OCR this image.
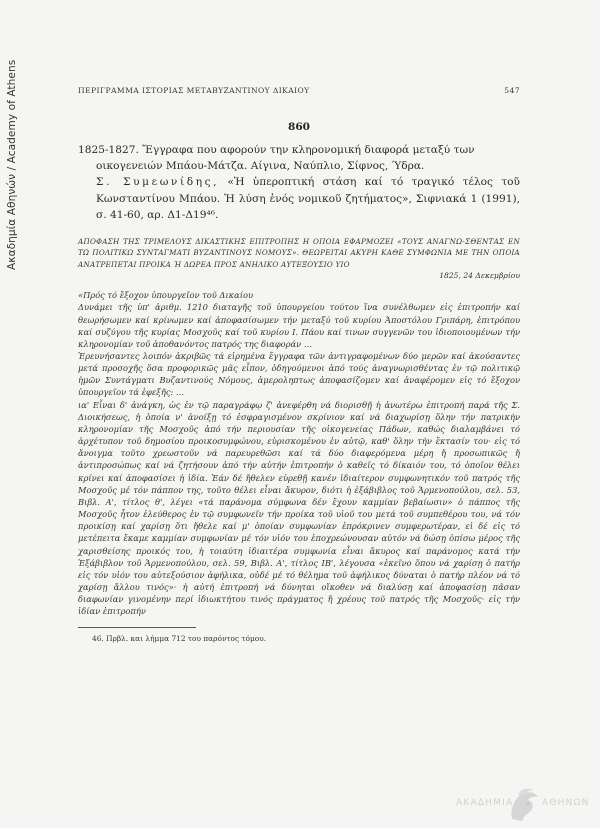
Ακαδημία Αθηνών / Academy of Athens	ΠΕΡΙΓΡΑΜΜΑ ΙΣΤΟΡΙΑΣ ΜΕΤΑΒΥΖΑΝΤΙΝΟΥ ΔΙΚΑΙΟΥ	547
860
1825-1827. Ἔγγραφα που αφορούν την κληρονομική διαφορά μεταξύ των
οικογενειών Μπάου-Μάτζα. Αίγινα, Ναύπλιο, Σίφνος, Ύδρα.
Σ. Συμεωνίδης, «Ἡ ὑπεροπτική στάση καί τό τραγικό τέλος τοῦ Κωνσταντίνου Μπάου. Ἡ λύση ἑνός νομικοῦ ζητήματος», Σιφνιακά 1 (1991), σ. 41-60, αρ. Δ1-Δ19⁴⁶.
ΑΠΟΦΑΣΗ ΤΗΣ ΤΡΙΜΕΛΟΥΣ ΔΙΚΑΣΤΙΚΗΣ ΕΠΙΤΡΟΠΗΣ Η ΟΠΟΙΑ ΕΦΑΡΜΟΖΕΙ «ΤΟΥΣ ΑΝΑΓΝΩ-ΣΘΕΝΤΑΣ ΕΝ ΤΩ ΠΟΛΙΤΙΚΩ ΣΥΝΤΑΓΜΑΤΙ ΒΥΖΑΝΤΙΝΟΥΣ ΝΟΜΟΥΣ». ΘΕΩΡΕΙΤΑΙ ΑΚΥΡΗ ΚΑΘΕ ΣΥΜΦΩΝΙΑ ΜΕ ΤΗΝ ΟΠΟΙΑ ΑΝΑΤΡΕΠΕΤΑΙ ΠΡΟΙΚΑ Ή ΔΩΡΕΑ ΠΡΟΣ ΑΝΗΛΙΚΟ ΑΥΤΕΞΟΥΣΙΟ ΥΙΟ
1825, 24 Δεκεμβρίου

«Πρός τό ἔξοχον ὑπουργεῖον τοῦ Δικαίου

Δυνάμει τῆς ὑπ' ἀριθμ. 1210 διαταγῆς τοῦ ὑπουργείου τούτου ἵνα συνέλθωμεν εἰς ἐπιτροπήν καί θεωρήσωμεν καί κρίνωμεν καί ἀποφασίσωμεν τήν μεταξύ τοῦ κυρίου Ἀποστόλου Γριπάρη, ἐπιτρόπου καί συζύγου τῆς κυρίας Μοσχοῦς καί τοῦ κυρίου Ι. Πάου καί τινων συγγενῶν του ἰδιοποιουμένων τήν κληρονομίαν τοῦ ἀποθανόντος πατρός της διαφοράν …

Ἐρευνήσαντες λοιπόν ἀκριβῶς τά εἰρημένα ἔγγραφα τῶν ἀντιγραφομένων δύο μερῶν καί ἀκούσαντες μετά προσοχῆς ὅσα προφορικῶς μᾶς εἶπον, ὁδηγούμενοι ἀπό τούς ἀναγνωρισθέντας ἐν τῷ πολιτικῷ ἡμῶν Συντάγματι Βυζαντινούς Νόμους, ἀμεροληπτως ἀποφασίζομεν καί ἀναφέρομεν εἰς τό ἔξοχον ὑπουργεῖον τά ἑφεξῆς: …

ια' Εἶναι δ' ἀνάγκη, ὡς ἐν τῷ παραγράφῳ ζ' ἀνεφέρθη νά διορισθῇ ἡ ἀνωτέρω ἐπιτροπή παρά τῆς Σ. Διοικήσεως, ἡ ὁποία ν' ἀνοίξῃ τό ἐσφραγισμένον σκρίνιον καί νά διαχωρίσῃ ὅλην τήν πατρικήν κληρονομίαν τῆς Μοσχοῦς ἀπό τήν περιουσίαν τῆς οἰκογενείας Πάδων, καθώς διαλαμβάνει τό ἀρχέτυπον τοῦ δημοσίου προικοσυμφώνου, εὑρισκομένου ἐν αὐτῷ, καθ' ὅλην τήν ἔκτασίν του· εἰς τό ἄνοιγμα τοῦτο χρεωστοῦν νά παρευρεθῶσι καί τά δύο διαφερόμενα μέρη ἤ προσωπικῶς ἤ ἀντιπροσώπως καί νά ζητήσουν ἀπό τήν αὐτήν ἐπιτροπήν ὁ καθεῖς τό δίκαιόν του, τό ὁποῖον θέλει κρίνει καί ἀποφασίσει ἡ ἰδία. Ἐάν δέ ἤθελεν εὑρεθῇ κανέν ἰδιαίτερον συμφωνητικόν τοῦ πατρός τῆς Μοσχοῦς μέ τόν πάππον της, τοῦτο θέλει εἶναι ἄκυρον, διότι ἡ ἐξάβιβλος τοῦ Ἁρμενοπούλου, σελ. 53, Βιβλ. Α', τίτλος θ', λέγει «τά παράνομα σύμφωνα δέν ἔχουν καμμίαν βεβαίωσιν» ὁ πάππος τῆς Μοσχοῦς ἦτον ἐλεύθερος ἐν τῷ συμφωνεῖν τήν προίκα τοῦ υἱοῦ του μετά τοῦ συμπεθέρου του, νά τόν προικίσῃ καί χαρίσῃ ὅτι ἤθελε καί μ' ὁποίαν συμφωνίαν ἐπρόκρινεν συμφερωτέραν, εἰ δέ εἰς τό μετέπειτα ἔκαμε καμμίαν συμφωνίαν μέ τόν υἱόν του ἐποχρεώνουσαν αὐτόν νά δώσῃ ὀπίσω μέρος τῆς χαρισθείσης προικός του, ἡ τοιαύτη ἰδιαιτέρα συμφωνία εἶναι ἄκυρος καί παράνομος κατά τήν Ἑξάβιβλον τοῦ Ἁρμενοπούλου, σελ. 59, Βιβλ. Α', τίτλος ΙΒ', λέγουσα «ἐκεῖνο ὅπου νά χαρίσῃ ὁ πατήρ εἰς τόν υἱόν του αὐτεξούσιον ἀφήλικα, οὐδέ μέ τό θέλημα τοῦ ἀφήλικος δύναται ὁ πατήρ πλέον νά τό χαρίσῃ ἄλλου τινός»· ἡ αὐτή ἐπιτροπή νά δύνηται οἴκοθεν νά διαλύσῃ καί ἀποφασίσῃ πᾶσαν διαφωνίαν γινομένην περί ἰδιωκτήτου τινός πράγματος ἤ χρέους τοῦ πατρός τῆς Μοσχοῦς· εἰς τήν ἰδίαν ἐπιτροπήν

46. Πρβλ. και λήμμα 712 του παρόντος τόμου.
ΑΚΑΔΗΜΙΑ	ΑΘΗΝΩΝ
